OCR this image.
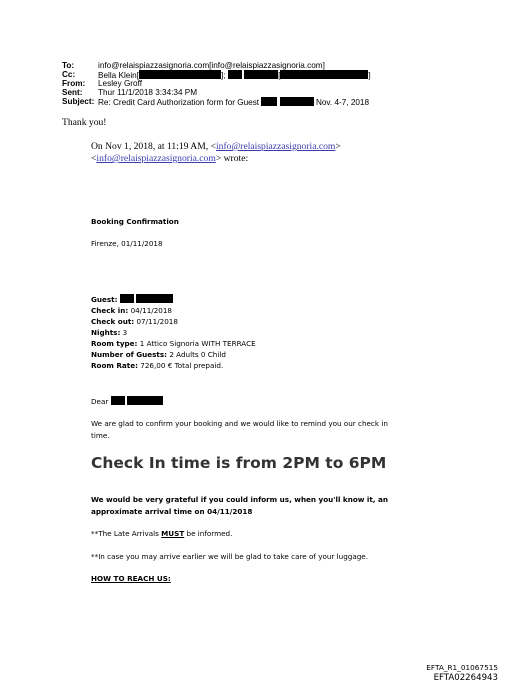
To:	info@relaispiazzasignoria.com[info@relaispiazzasignoria.com]
Cc:	Bella Klein[	];	[	]
From: Lesley Groff
Sent: Thur 11/1/2018 3:34:34 PM
Subject: Re: Credit Card Authorization form for Guest	Nov. 4-7, 2018
Thank you!
On Nov 1, 2018, at 11:19 AM, <info@relaispiazzasignoria.com>
<info@relaispiazzasignoria.com> wrote:
Booking Confirmation
Firenze, 01/11/2018
Guest:
Check in: 04/11/2018
Check out: 07/11/2018
Nights: 3
Room type: 1 Attico Signoria WITH TERRACE
Number of Guests: 2 Adults 0 Child
Room Rate: 726,00 € Total prepaid.
Dear
We are glad to confirm your booking and we would like to remind you our check in
time.
Check In time is from 2PM to 6PM
We would be very grateful if you could inform us, when you'll know it, an
approximate arrival time on 04/11/2018
**The Late Arrivals MUST be informed.
**In case you may arrive earlier we will be glad to take care of your luggage.
HOW TO REACH US:
EFTA_R1_01067515
EFTA02264943
